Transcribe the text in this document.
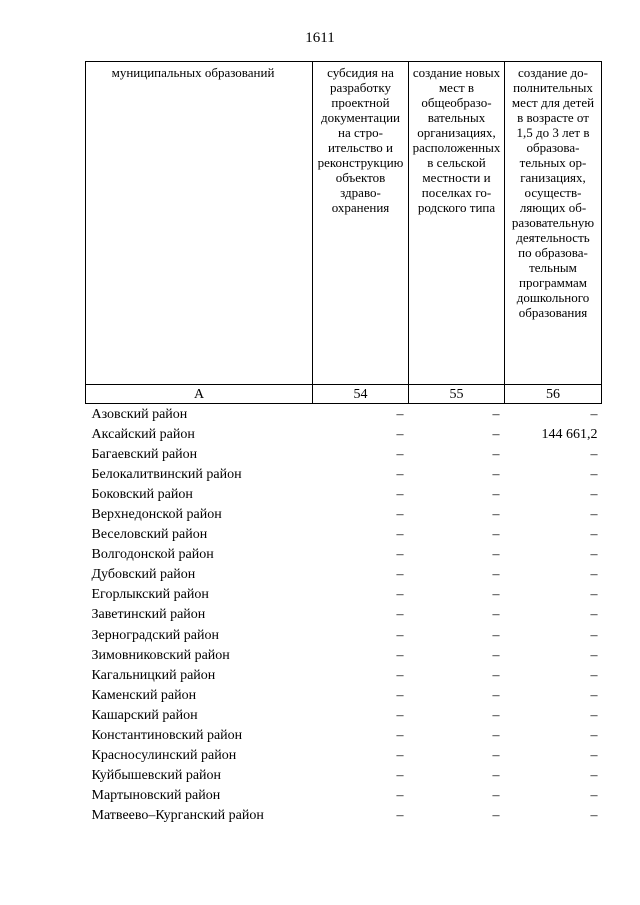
1611
муниципальных образований	субсидия на разработку проектной документации на строительство и реконструкцию объектов здравоохранения	создание новых мест в общеобразовательных организациях, расположенных в сельской местности и поселках городского типа	создание дополнительных мест для детей в возрасте от 1,5 до 3 лет в образовательных организациях, осуществляющих образовательную деятельность по образовательным программам дошкольного образования
А	54	55	56
Азовский район	–	–	–
Аксайский район	–	–	144 661,2
Багаевский район	–	–	–
Белокалитвинский район	–	–	–
Боковский район	–	–	–
Верхнедонской район	–	–	–
Веселовский район	–	–	–
Волгодонской район	–	–	–
Дубовский район	–	–	–
Егорлыкский район	–	–	–
Заветинский район	–	–	–
Зерноградский район	–	–	–
Зимовниковский район	–	–	–
Кагальницкий район	–	–	–
Каменский район	–	–	–
Кашарский район	–	–	–
Константиновский район	–	–	–
Красносулинский район	–	–	–
Куйбышевский район	–	–	–
Мартыновский район	–	–	–
Матвеево–Курганский район	–	–	–
